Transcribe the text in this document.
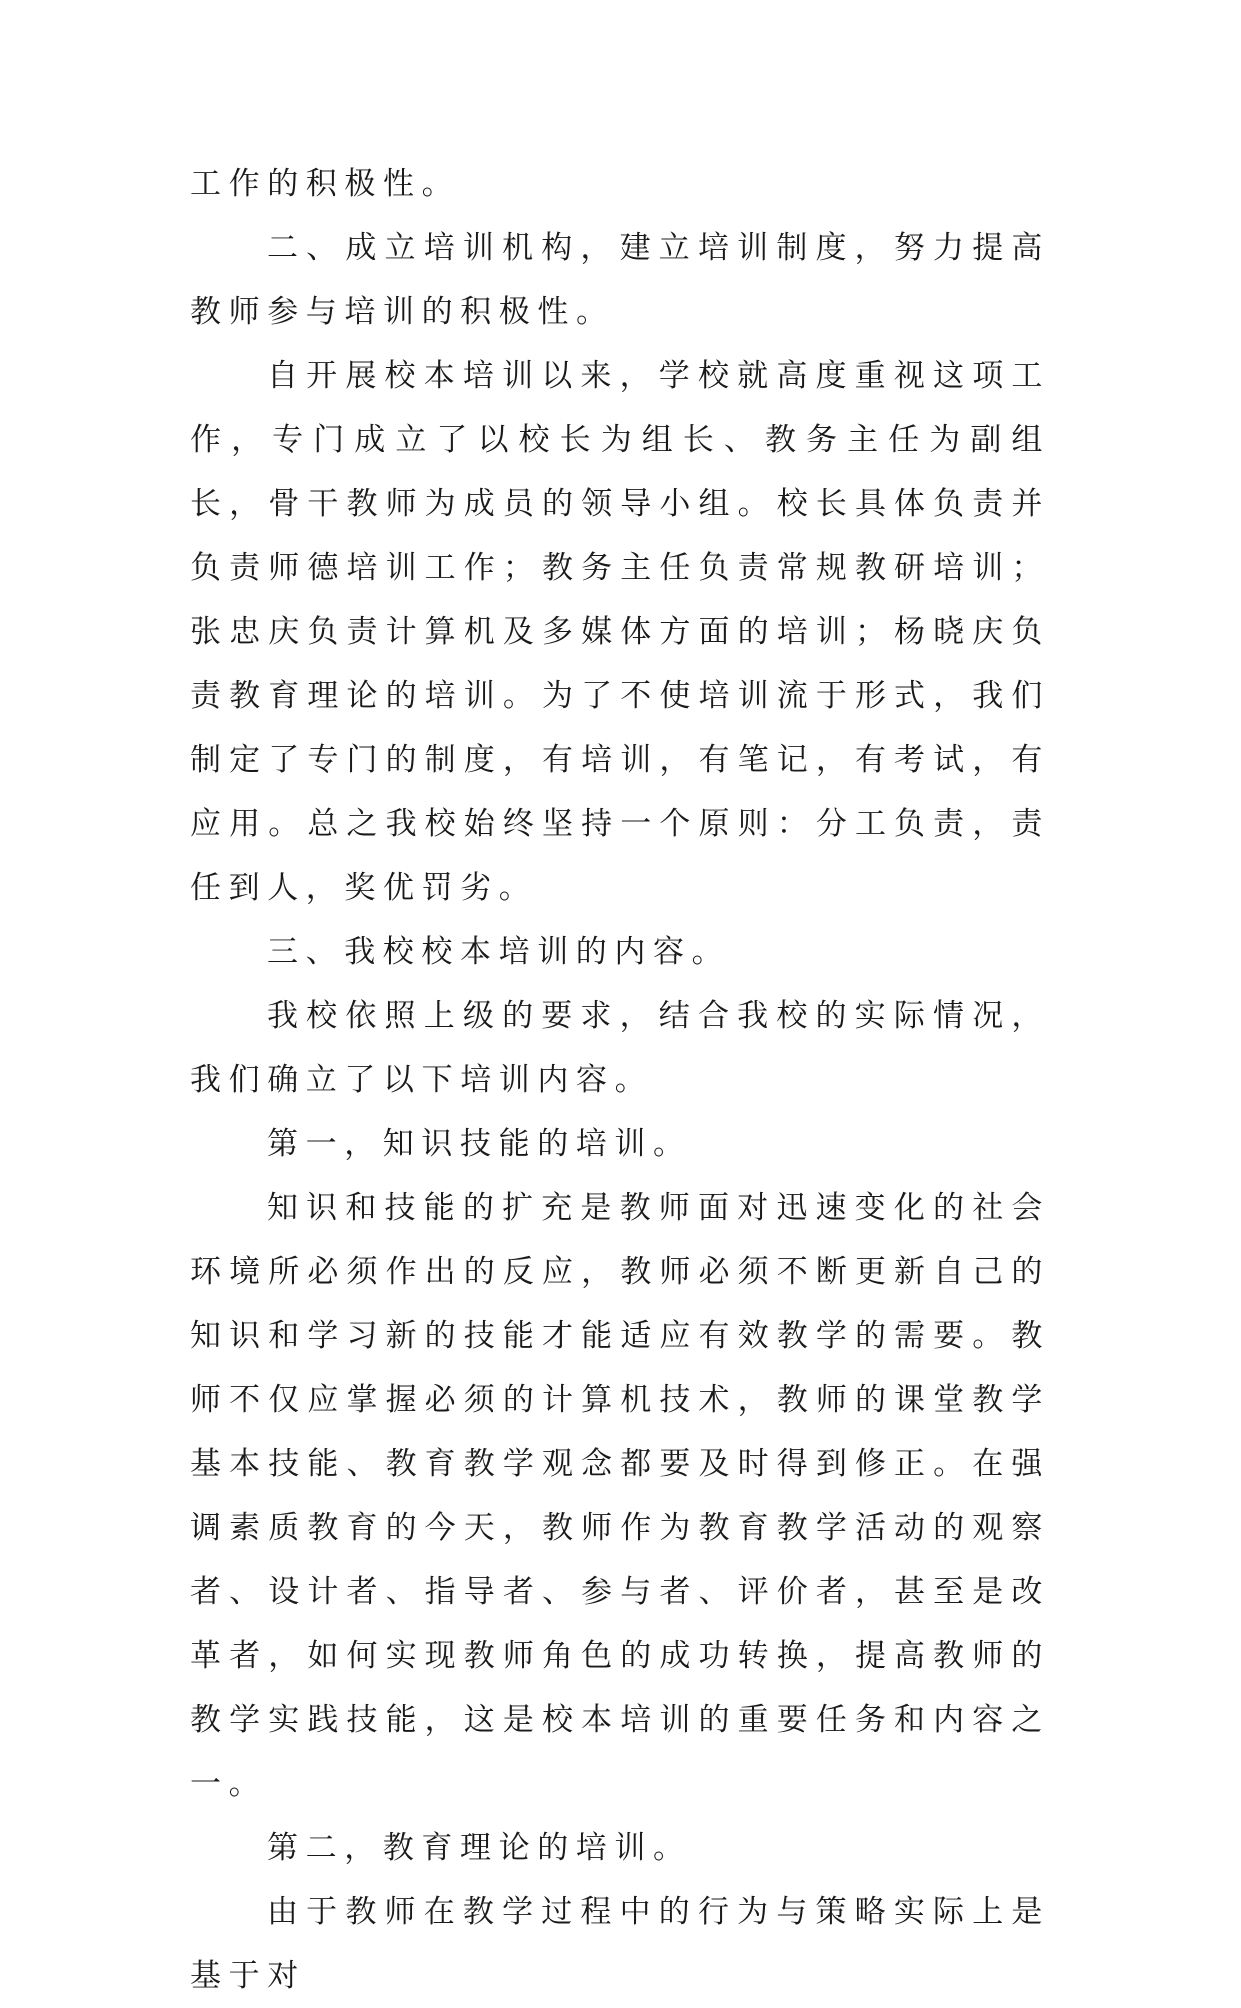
工作的积极性。

二、成立培训机构，建立培训制度，努力提高教师参与培训的积极性。

自开展校本培训以来，学校就高度重视这项工作，专门成立了以校长为组长、教务主任为副组长，骨干教师为成员的领导小组。校长具体负责并负责师德培训工作；教务主任负责常规教研培训；张忠庆负责计算机及多媒体方面的培训；杨晓庆负责教育理论的培训。为了不使培训流于形式，我们制定了专门的制度，有培训，有笔记，有考试，有应用。总之我校始终坚持一个原则：分工负责，责任到人，奖优罚劣。

三、我校校本培训的内容。

我校依照上级的要求，结合我校的实际情况，我们确立了以下培训内容。

第一，知识技能的培训。

知识和技能的扩充是教师面对迅速变化的社会环境所必须作出的反应，教师必须不断更新自己的知识和学习新的技能才能适应有效教学的需要。教师不仅应掌握必须的计算机技术，教师的课堂教学基本技能、教育教学观念都要及时得到修正。在强调素质教育的今天，教师作为教育教学活动的观察者、设计者、指导者、参与者、评价者，甚至是改革者，如何实现教师角色的成功转换，提高教师的教学实践技能，这是校本培训的重要任务和内容之一。

第二，教育理论的培训。

由于教师在教学过程中的行为与策略实际上是基于对
